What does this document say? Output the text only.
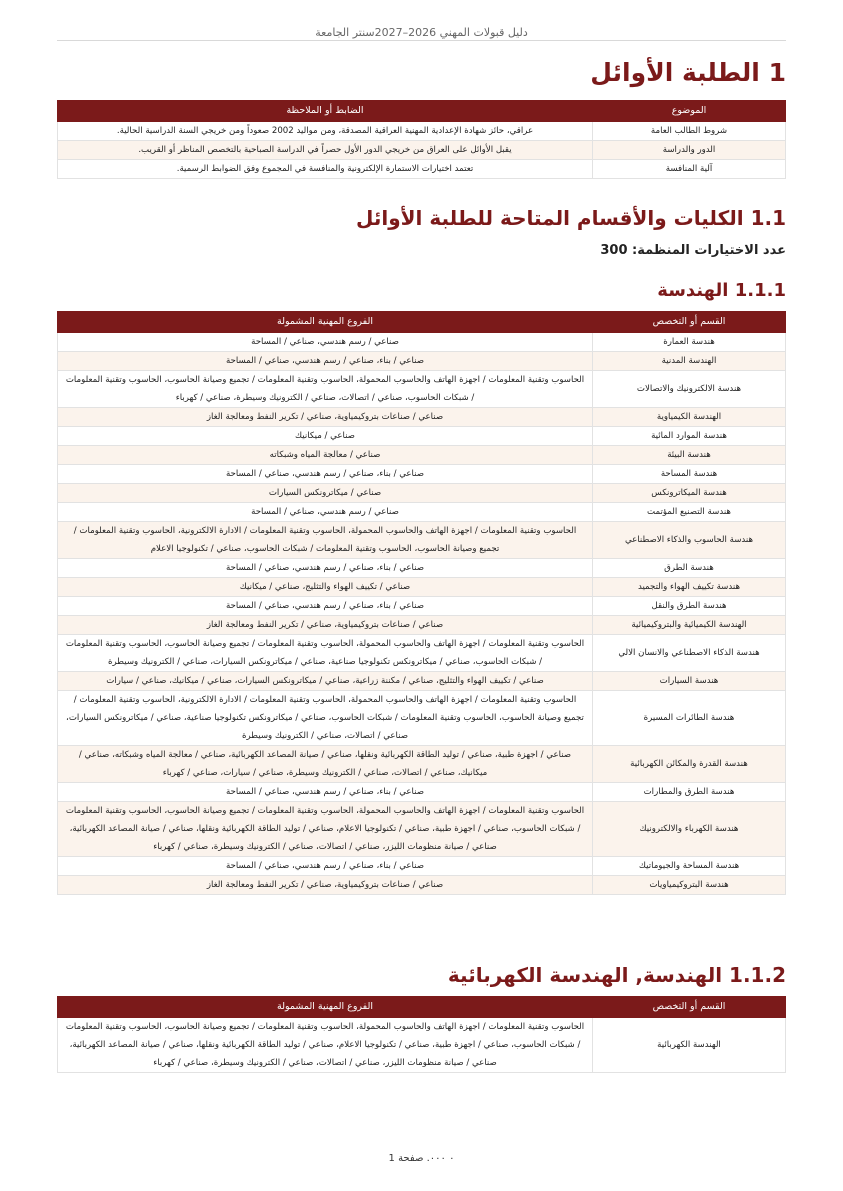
دليل قبولات المهني 2026–2027سنتر الجامعة
1 الطلبة الأوائل
الموضوع	الضابط أو الملاحظة
شروط الطالب العامة	عراقي، حائز شهادة الإعدادية المهنية العراقية المصدقة، ومن مواليد 2002 صعوداً ومن خريجي السنة الدراسية الحالية.
الدور والدراسة	يقبل الأوائل على العراق من خريجي الدور الأول حصراً في الدراسة الصباحية بالتخصص المناظر أو القريب.
آلية المنافسة	تعتمد اختيارات الاستمارة الإلكترونية والمنافسة في المجموع وفق الضوابط الرسمية.
1.1 الكليات والأقسام المتاحة للطلبة الأوائل

عدد الاختيارات المنظمة: 300

1.1.1 الهندسة
القسم أو التخصص	الفروع المهنية المشمولة
هندسة العمارة	صناعي / رسم هندسي، صناعي / المساحة
الهندسة المدنية	صناعي / بناء، صناعي / رسم هندسي، صناعي / المساحة
هندسة الالكترونيك والاتصالات	الحاسوب وتقنية المعلومات / اجهزة الهاتف والحاسوب المحمولة، الحاسوب وتقنية المعلومات / تجميع وصيانة الحاسوب، الحاسوب وتقنية المعلومات / شبكات الحاسوب، صناعي / اتصالات، صناعي / الكترونيك وسيطرة، صناعي / كهرباء
الهندسة الكيمياوية	صناعي / صناعات بتروكيمياوية، صناعي / تكرير النفط ومعالجة الغاز
هندسة الموارد المائية	صناعي / ميكانيك
هندسة البيئة	صناعي / معالجة المياه وشبكاته
هندسة المساحة	صناعي / بناء، صناعي / رسم هندسي، صناعي / المساحة
هندسة الميكاترونكس	صناعي / ميكاترونكس السيارات
هندسة التصنيع المؤتمت	صناعي / رسم هندسي، صناعي / المساحة
هندسة الحاسوب والذكاء الاصطناعي	الحاسوب وتقنية المعلومات / اجهزة الهاتف والحاسوب المحمولة، الحاسوب وتقنية المعلومات / الادارة الالكترونية، الحاسوب وتقنية المعلومات / تجميع وصيانة الحاسوب، الحاسوب وتقنية المعلومات / شبكات الحاسوب، صناعي / تكنولوجيا الاعلام
هندسة الطرق	صناعي / بناء، صناعي / رسم هندسي، صناعي / المساحة
هندسة تكييف الهواء والتجميد	صناعي / تكييف الهواء والتثليج، صناعي / ميكانيك
هندسة الطرق والنقل	صناعي / بناء، صناعي / رسم هندسي، صناعي / المساحة
الهندسة الكيميائية والبتروكيميائية	صناعي / صناعات بتروكيمياوية، صناعي / تكرير النفط ومعالجة الغاز
هندسة الذكاء الاصطناعي والانسان الالي	الحاسوب وتقنية المعلومات / اجهزة الهاتف والحاسوب المحمولة، الحاسوب وتقنية المعلومات / تجميع وصيانة الحاسوب، الحاسوب وتقنية المعلومات / شبكات الحاسوب، صناعي / ميكاترونكس تكنولوجيا صناعية، صناعي / ميكاترونكس السيارات، صناعي / الكترونيك وسيطرة
هندسة السيارات	صناعي / تكييف الهواء والتثليج، صناعي / مكننة زراعية، صناعي / ميكاترونكس السيارات، صناعي / ميكانيك، صناعي / سيارات
هندسة الطائرات المسيرة	الحاسوب وتقنية المعلومات / اجهزة الهاتف والحاسوب المحمولة، الحاسوب وتقنية المعلومات / الادارة الالكترونية، الحاسوب وتقنية المعلومات / تجميع وصيانة الحاسوب، الحاسوب وتقنية المعلومات / شبكات الحاسوب، صناعي / ميكاترونكس تكنولوجيا صناعية، صناعي / ميكاترونكس السيارات، صناعي / اتصالات، صناعي / الكترونيك وسيطرة
هندسة القدرة والمكائن الكهربائية	صناعي / اجهزة طبية، صناعي / توليد الطاقة الكهربائية ونقلها، صناعي / صيانة المصاعد الكهربائية، صناعي / معالجة المياه وشبكاته، صناعي / ميكانيك، صناعي / اتصالات، صناعي / الكترونيك وسيطرة، صناعي / سيارات، صناعي / كهرباء
هندسة الطرق والمطارات	صناعي / بناء، صناعي / رسم هندسي، صناعي / المساحة
هندسة الكهرباء والالكترونيك	الحاسوب وتقنية المعلومات / اجهزة الهاتف والحاسوب المحمولة، الحاسوب وتقنية المعلومات / تجميع وصيانة الحاسوب، الحاسوب وتقنية المعلومات / شبكات الحاسوب، صناعي / اجهزة طبية، صناعي / تكنولوجيا الاعلام، صناعي / توليد الطاقة الكهربائية ونقلها، صناعي / صيانة المصاعد الكهربائية، صناعي / صيانة منظومات الليزر، صناعي / اتصالات، صناعي / الكترونيك وسيطرة، صناعي / كهرباء
هندسة المساحة والجيوماتيك	صناعي / بناء، صناعي / رسم هندسي، صناعي / المساحة
هندسة البتروكيمياويات	صناعي / صناعات بتروكيمياوية، صناعي / تكرير النفط ومعالجة الغاز
1.1.2 الهندسة, الهندسة الكهربائية
القسم أو التخصص	الفروع المهنية المشمولة
الهندسة الكهربائية	الحاسوب وتقنية المعلومات / اجهزة الهاتف والحاسوب المحمولة، الحاسوب وتقنية المعلومات / تجميع وصيانة الحاسوب، الحاسوب وتقنية المعلومات / شبكات الحاسوب، صناعي / اجهزة طبية، صناعي / تكنولوجيا الاعلام، صناعي / توليد الطاقة الكهربائية ونقلها، صناعي / صيانة المصاعد الكهربائية، صناعي / صيانة منظومات الليزر، صناعي / اتصالات، صناعي / الكترونيك وسيطرة، صناعي / كهرباء
٠ ٠٠٠. صفحة 1
